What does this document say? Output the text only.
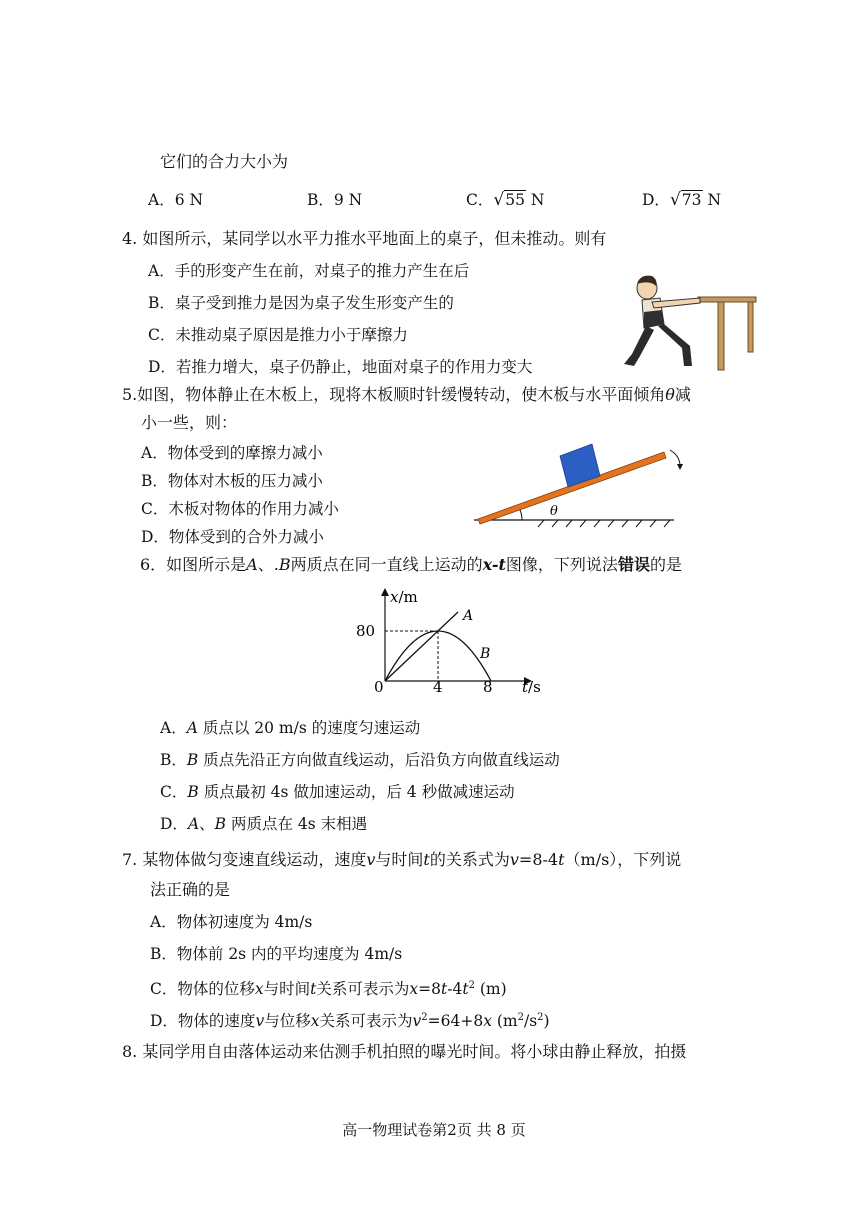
它们的合力大小为
A．6 N	B．9 N	C．√55 N	D．√73 N
4. 如图所示，某同学以水平力推水平地面上的桌子，但未推动。则有
A．手的形变产生在前，对桌子的推力产生在后
B．桌子受到推力是因为桌子发生形变产生的
C．未推动桌子原因是推力小于摩擦力
D．若推力增大，桌子仍静止，地面对桌子的作用力变大
5.如图，物体静止在木板上，现将木板顺时针缓慢转动，使木板与水平面倾角θ减
小一些，则：
A．物体受到的摩擦力减小
B．物体对木板的压力减小
C．木板对物体的作用力减小
D．物体受到的合外力减小
θ
6．如图所示是A、.B两质点在同一直线上运动的x-t图像，下列说法错误的是
x/m
80
0	4	8 t/s
A
B
A．A 质点以 20 m/s 的速度匀速运动
B．B 质点先沿正方向做直线运动，后沿负方向做直线运动
C．B 质点最初 4s 做加速运动，后 4 秒做减速运动
D．A、B 两质点在 4s 末相遇
7. 某物体做匀变速直线运动，速度v与时间t的关系式为v=8-4t（m/s），下列说
法正确的是
A．物体初速度为 4m/s
B．物体前 2s 内的平均速度为 4m/s
C．物体的位移x与时间t关系可表示为$x=8t-4t^2$ (m)
D．物体的速度v与位移x关系可表示为$v^2=64+8x$ $(m^2/s^2)$
8. 某同学用自由落体运动来估测手机拍照的曝光时间。将小球由静止释放，拍摄
高一物理试卷第2页 共 8 页
